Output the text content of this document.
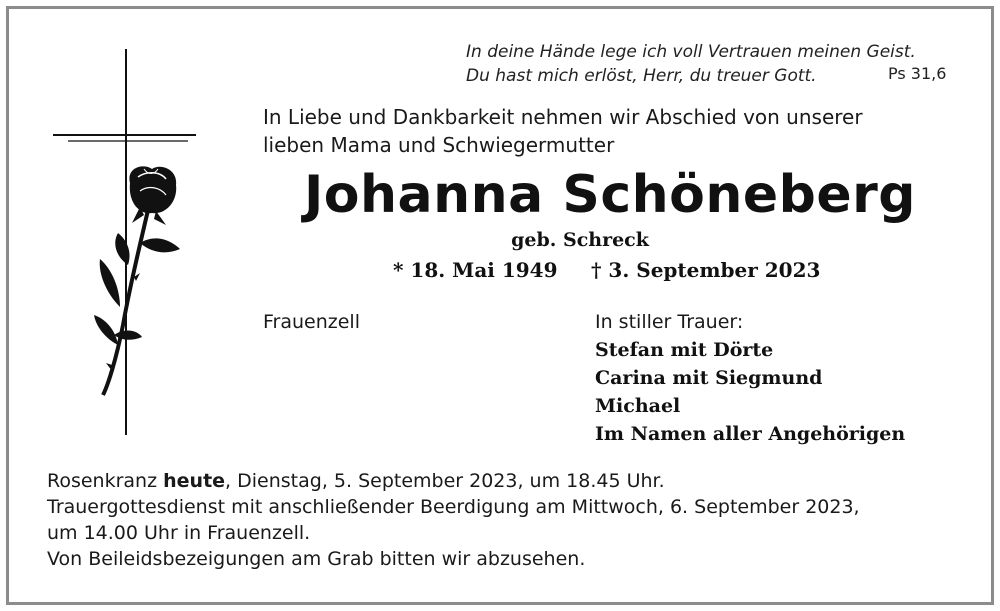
In deine Hände lege ich voll Vertrauen meinen Geist.
Du hast mich erlöst, Herr, du treuer Gott.	Ps 31,6
In Liebe und Dankbarkeit nehmen wir Abschied von unserer
lieben Mama und Schwiegermutter
Johanna Schöneberg
geb. Schreck
* 18. Mai 1949 † 3. September 2023
Frauenzell	In stiller Trauer:
Stefan mit Dörte
Carina mit Siegmund
Michael
Im Namen aller Angehörigen
Rosenkranz heute, Dienstag, 5. September 2023, um 18.45 Uhr.
Trauergottesdienst mit anschließender Beerdigung am Mittwoch, 6. September 2023,
um 14.00 Uhr in Frauenzell.
Von Beileidsbezeigungen am Grab bitten wir abzusehen.
